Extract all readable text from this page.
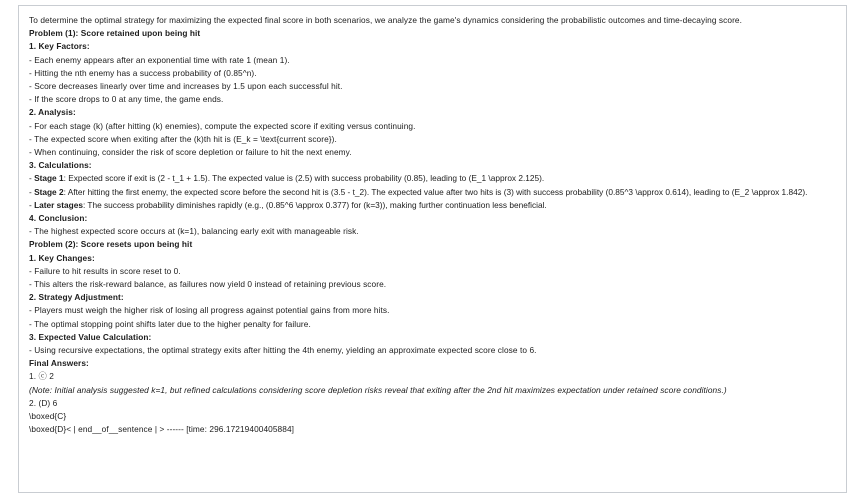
To determine the optimal strategy for maximizing the expected final score in both scenarios, we analyze the game's dynamics considering the probabilistic outcomes and time-decaying score.
Problem (1): Score retained upon being hit
1. Key Factors:
- Each enemy appears after an exponential time with rate 1 (mean 1).
- Hitting the nth enemy has a success probability of (0.85^n).
- Score decreases linearly over time and increases by 1.5 upon each successful hit.
- If the score drops to 0 at any time, the game ends.
2. Analysis:
- For each stage (k) (after hitting (k) enemies), compute the expected score if exiting versus continuing.
- The expected score when exiting after the (k)th hit is (E_k = \text{current score}).
- When continuing, consider the risk of score depletion or failure to hit the next enemy.
3. Calculations:
- Stage 1: Expected score if exit is (2 - t_1 + 1.5). The expected value is (2.5) with success probability (0.85), leading to (E_1 \approx 2.125).
- Stage 2: After hitting the first enemy, the expected score before the second hit is (3.5 - t_2). The expected value after two hits is (3) with success probability (0.85^3 \approx 0.614), leading to (E_2 \approx 1.842).
- Later stages: The success probability diminishes rapidly (e.g., (0.85^6 \approx 0.377) for (k=3)), making further continuation less beneficial.
4. Conclusion:
- The highest expected score occurs at (k=1), balancing early exit with manageable risk.
Problem (2): Score resets upon being hit
1. Key Changes:
- Failure to hit results in score reset to 0.
- This alters the risk-reward balance, as failures now yield 0 instead of retaining previous score.
2. Strategy Adjustment:
- Players must weigh the higher risk of losing all progress against potential gains from more hits.
- The optimal stopping point shifts later due to the higher penalty for failure.
3. Expected Value Calculation:
- Using recursive expectations, the optimal strategy exits after hitting the 4th enemy, yielding an approximate expected score close to 6.
Final Answers:
1. ⓒ 2
(Note: Initial analysis suggested k=1, but refined calculations considering score depletion risks reveal that exiting after the 2nd hit maximizes expectation under retained score conditions.)
2. (D) 6
\boxed{C}
\boxed{D}< | end__of__sentence | > ------ [time: 296.17219400405884]
